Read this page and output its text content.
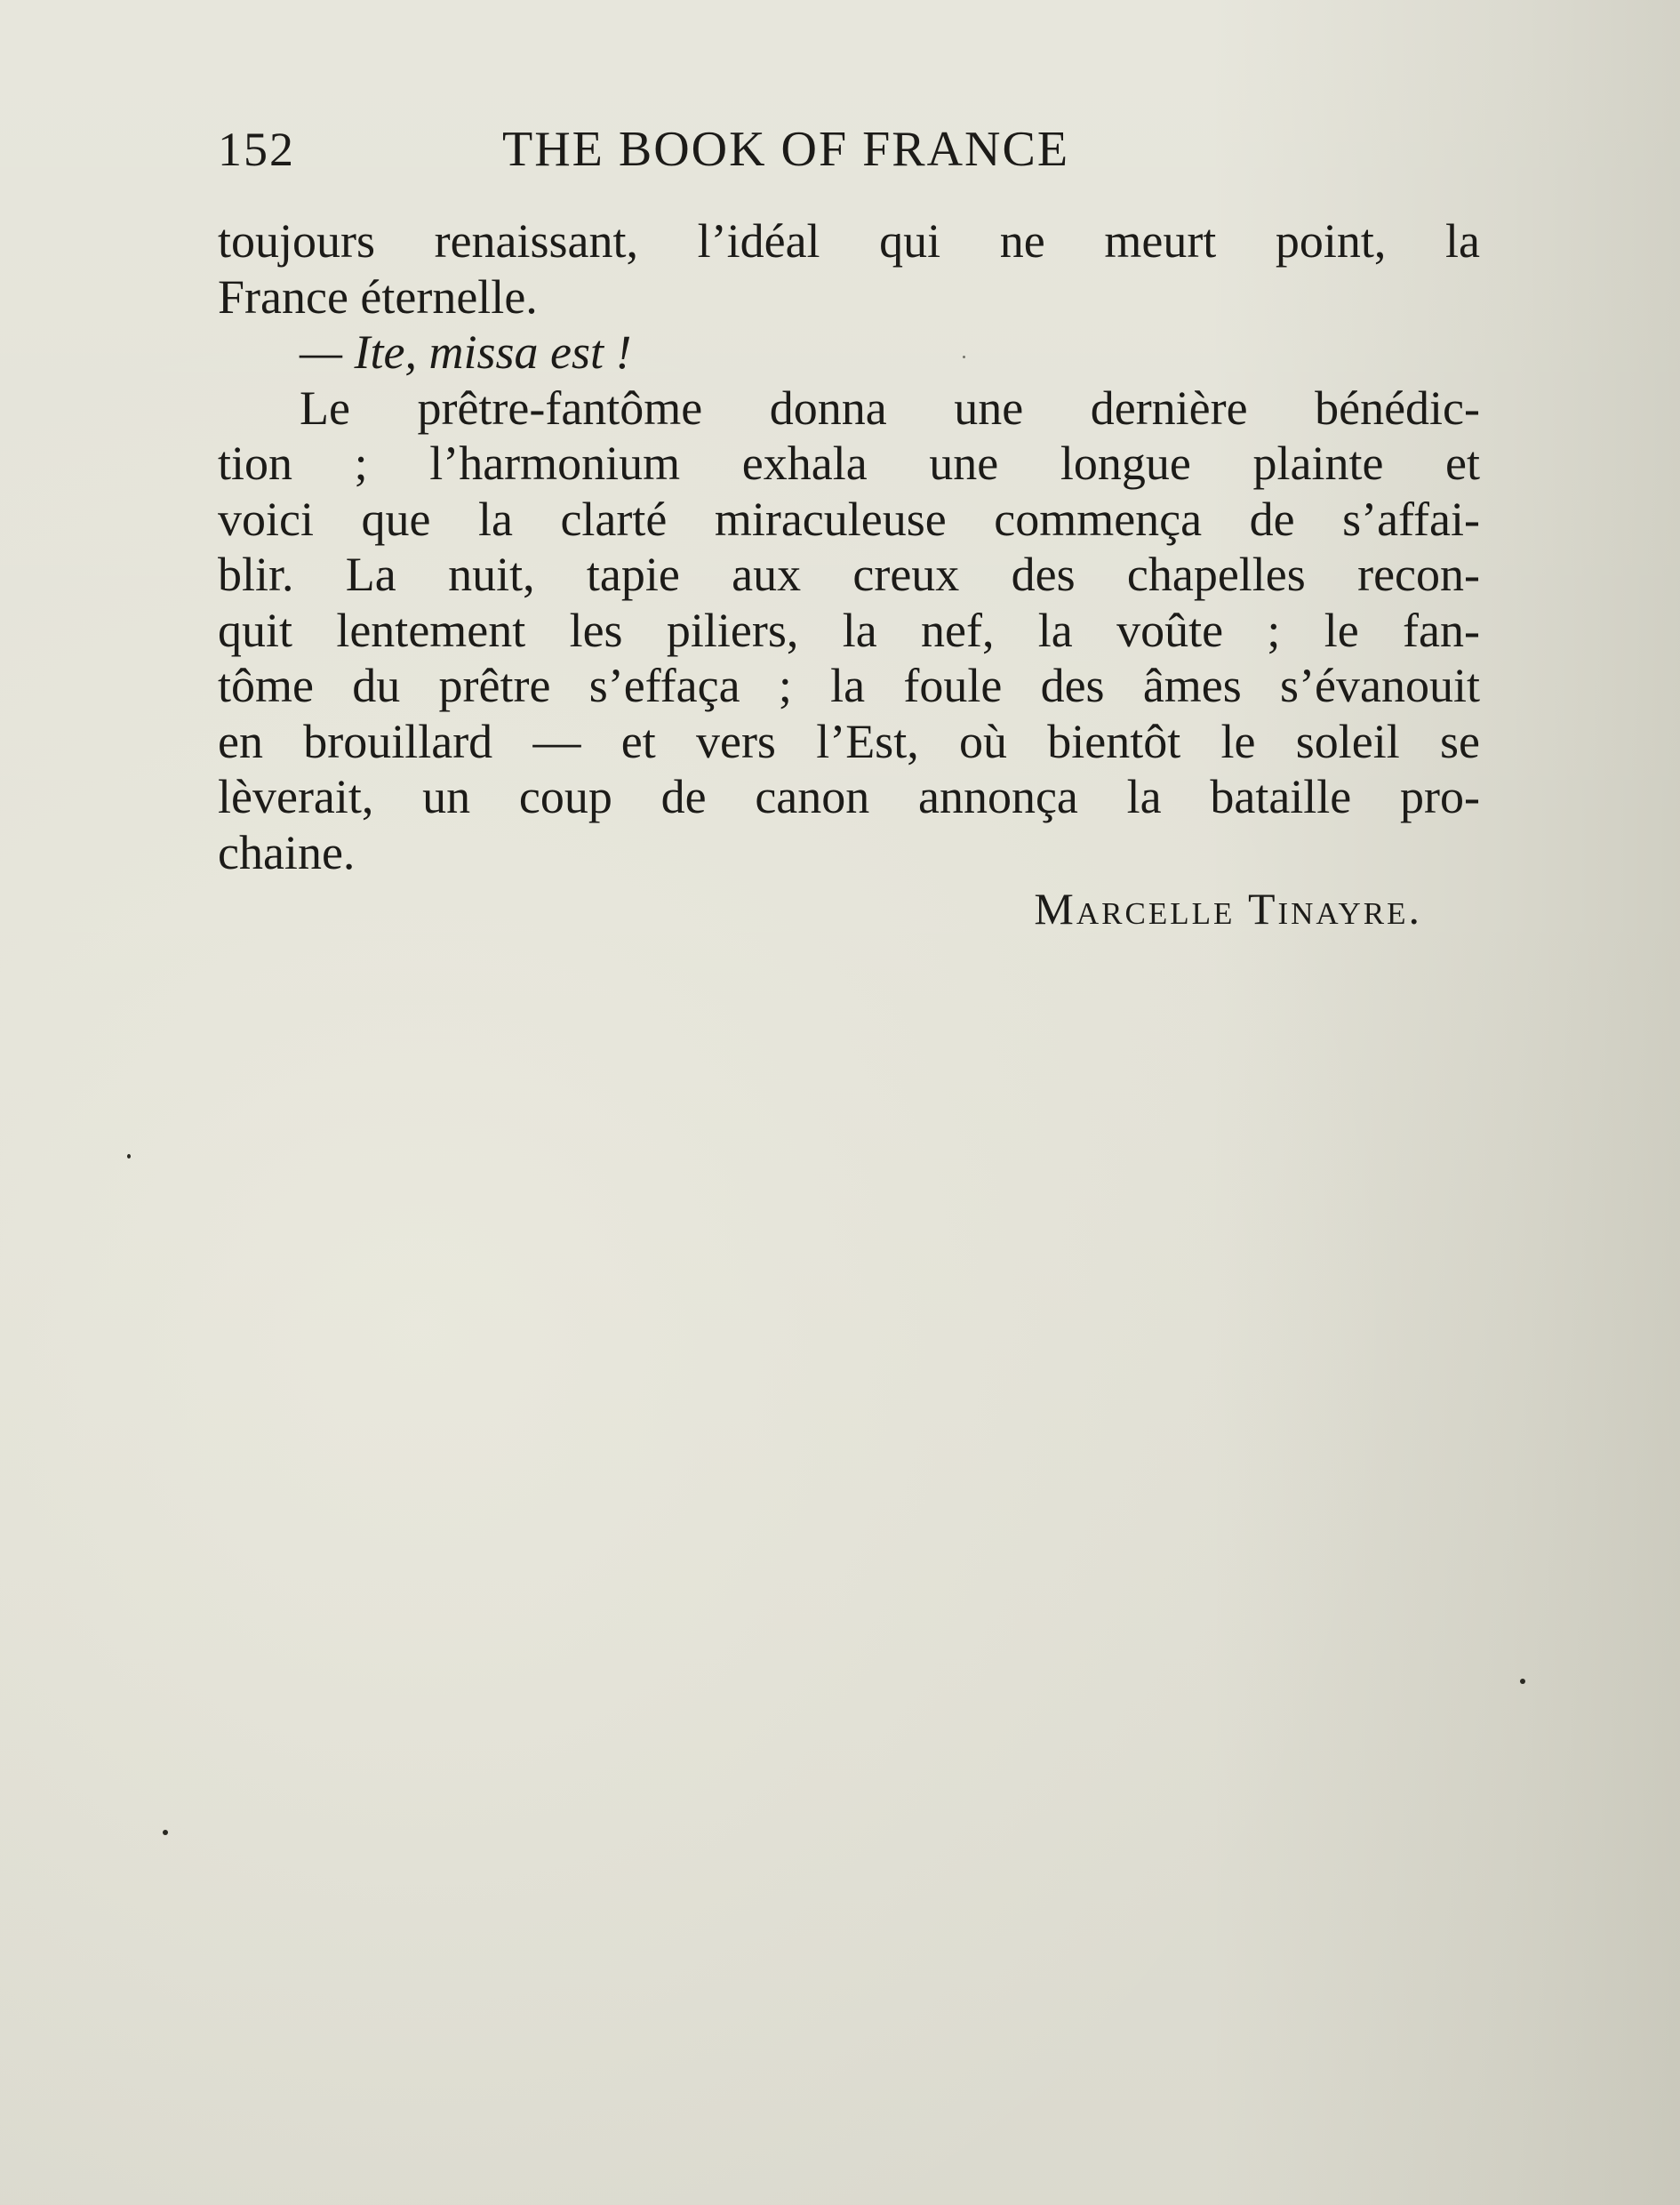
152	THE BOOK OF FRANCE
toujours renaissant, l’idéal qui ne meurt point, la
France éternelle.
— Ite, missa est !
Le prêtre-fantôme donna une dernière bénédic-
tion ; l’harmonium exhala une longue plainte et
voici que la clarté miraculeuse commença de s’affai-
blir. La nuit, tapie aux creux des chapelles recon-
quit lentement les piliers, la nef, la voûte ; le fan-
tôme du prêtre s’effaça ; la foule des âmes s’évanouit
en brouillard — et vers l’Est, où bientôt le soleil se
lèverait, un coup de canon annonça la bataille pro-
chaine.
Marcelle Tinayre.
